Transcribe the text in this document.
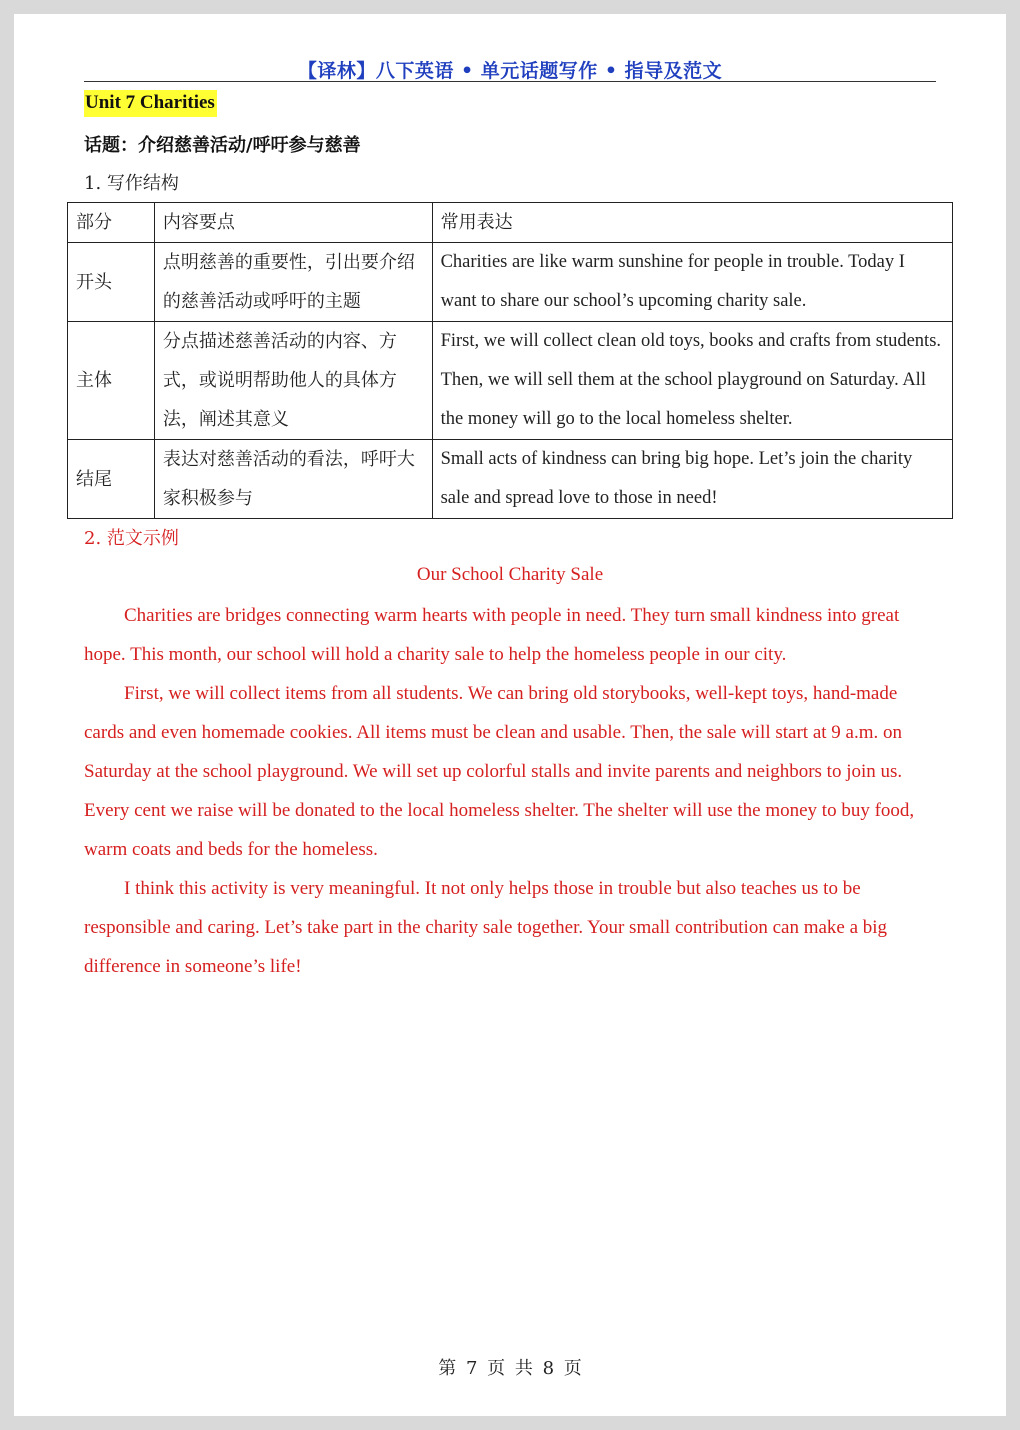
【译林】八下英语 • 单元话题写作 • 指导及范文
Unit 7 Charities
话题：介绍慈善活动/呼吁参与慈善
1. 写作结构
部分	内容要点	常用表达
开头	点明慈善的重要性，引出要介绍的慈善活动或呼吁的主题	Charities are like warm sunshine for people in trouble. Today I want to share our school’s upcoming charity sale.
主体	分点描述慈善活动的内容、方式，或说明帮助他人的具体方法，阐述其意义	First, we will collect clean old toys, books and crafts from students. Then, we will sell them at the school playground on Saturday. All the money will go to the local homeless shelter.
结尾	表达对慈善活动的看法，呼吁大家积极参与	Small acts of kindness can bring big hope. Let’s join the charity sale and spread love to those in need!
2. 范文示例
Our School Charity Sale

Charities are bridges connecting warm hearts with people in need. They turn small kindness into great hope. This month, our school will hold a charity sale to help the homeless people in our city.

First, we will collect items from all students. We can bring old storybooks, well-kept toys, hand-made cards and even homemade cookies. All items must be clean and usable. Then, the sale will start at 9 a.m. on Saturday at the school playground. We will set up colorful stalls and invite parents and neighbors to join us. Every cent we raise will be donated to the local homeless shelter. The shelter will use the money to buy food, warm coats and beds for the homeless.

I think this activity is very meaningful. It not only helps those in trouble but also teaches us to be responsible and caring. Let’s take part in the charity sale together. Your small contribution can make a big difference in someone’s life!

第 7 页 共 8 页
